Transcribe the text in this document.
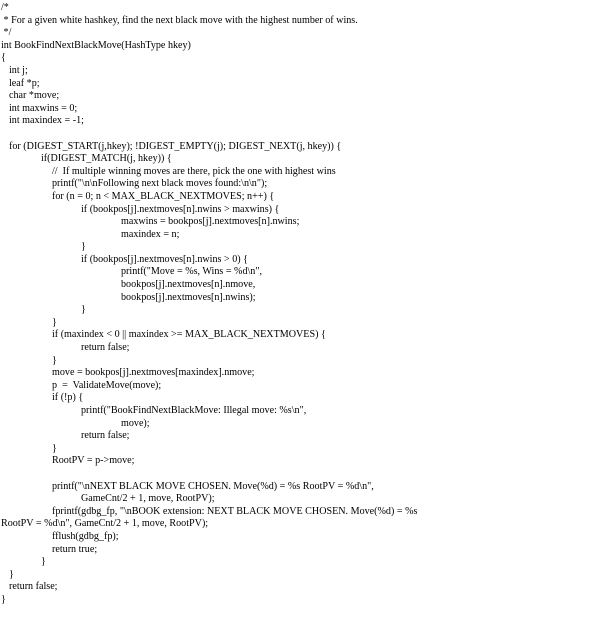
/*
* For a given white hashkey, find the next black move with the highest number of wins.
*/
int BookFindNextBlackMove(HashType hkey)
{
int j;
leaf *p;
char *move;
int maxwins = 0;
int maxindex = -1;
for (DIGEST_START(j,hkey); !DIGEST_EMPTY(j); DIGEST_NEXT(j, hkey)) {
if(DIGEST_MATCH(j, hkey)) {
//  If multiple winning moves are there, pick the one with highest wins
printf("\n\nFollowing next black moves found:\n\n");
for (n = 0; n < MAX_BLACK_NEXTMOVES; n++) {
if (bookpos[j].nextmoves[n].nwins > maxwins) {
maxwins = bookpos[j].nextmoves[n].nwins;
maxindex = n;
}
if (bookpos[j].nextmoves[n].nwins > 0) {
printf("Move = %s, Wins = %d\n",
bookpos[j].nextmoves[n].nmove,
bookpos[j].nextmoves[n].nwins);
}
}
if (maxindex < 0 || maxindex >= MAX_BLACK_NEXTMOVES) {
return false;
}
move = bookpos[j].nextmoves[maxindex].nmove;
p  =  ValidateMove(move);
if (!p) {
printf("BookFindNextBlackMove: Illegal move: %s\n",
move);
return false;
}
RootPV = p->move;
printf("\nNEXT BLACK MOVE CHOSEN. Move(%d) = %s RootPV = %d\n",
GameCnt/2 + 1, move, RootPV);
fprintf(gdbg_fp, "\nBOOK extension: NEXT BLACK MOVE CHOSEN. Move(%d) = %s
RootPV = %d\n", GameCnt/2 + 1, move, RootPV);
fflush(gdbg_fp);
return true;
}
}
return false;
}
